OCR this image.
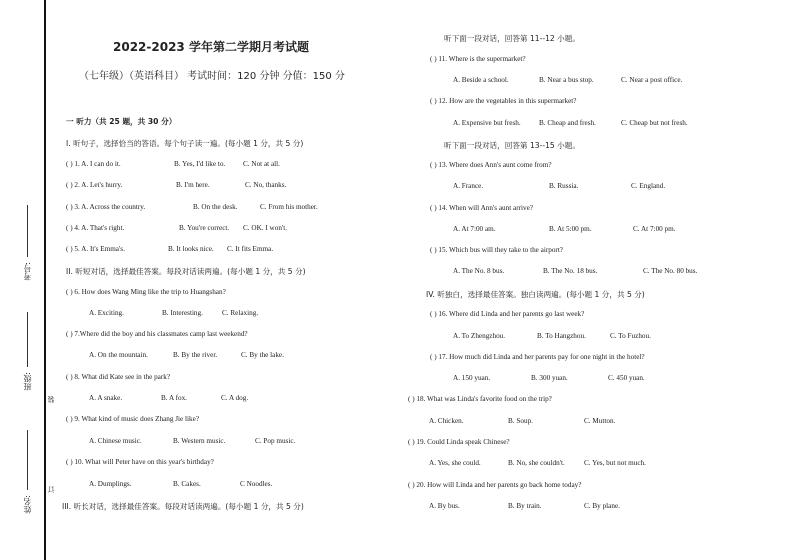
考号:
班级:
姓名:
装
订
2022-2023 学年第二学期月考试题
（七年级）（英语科目） 考试时间：120 分钟 分值：150 分
一 听力（共 25 题，共 30 分）
I. 听句子，选择恰当的答语。每个句子读一遍。(每小题 1 分，共 5 分)
( ) 1. A. I can do it.	B. Yes, I'd like to. C. Not at all.
( ) 2. A. Let's hurry.	B. I'm here.	C. No, thanks.
( ) 3. A. Across the country.	B. On the desk.	C. From his mother.
( ) 4. A. That's right.	B. You're correct. C. OK. I won't.
( ) 5. A. It's Emma's.	B. It looks nice. C. It fits Emma.
II. 听短对话，选择最佳答案。每段对话读两遍。(每小题 1 分，共 5 分)
( ) 6. How does Wang Ming like the trip to Huangshan?
A. Exciting.	B. Interesting.	C. Relaxing.
( ) 7.Where did the boy and his classmates camp last weekend?
A. On the mountain.	B. By the river.	C. By the lake.
( ) 8. What did Kate see in the park?
A. A snake.	B. A fox.	C. A dog.
( ) 9. What kind of music does Zhang Jie like?
A. Chinese music.	B. Western music.	C. Pop music.
( ) 10. What will Peter have on this year's birthday?
A. Dumplings.	B. Cakes.	C Noodles.
III. 听长对话，选择最佳答案。每段对话读两遍。(每小题 1 分，共 5 分)
听下面一段对话，回答第 11--12 小题。
( ) 11. Where is the supermarket?
A. Beside a school.	B. Near a bus stop.	C. Near a post office.
( ) 12. How are the vegetables in this supermarket?
A. Expensive but fresh.	B. Cheap and fresh.	C. Cheap but not fresh.
听下面一段对话，回答第 13--15 小题。
( ) 13. Where does Ann's aunt come from?
A. France.	B. Russia.	C. England.
( ) 14. When will Ann's aunt arrive?
A. At 7:00 am.	B. At 5:00 pm.	C. At 7:00 pm.
( ) 15. Which bus will they take to the airport?
A. The No. 8 bus.	B. The No. 18 bus.	C. The No. 80 bus.
IV. 听独白，选择最佳答案。独白读两遍。(每小题 1 分，共 5 分)
( ) 16. Where did Linda and her parents go last week?
A. To Zhengzhou.	B. To Hangzhou.	C. To Fuzhou.
( ) 17. How much did Linda and her parents pay for one night in the hotel?
A. 150 yuan.	B. 300 yuan.	C. 450 yuan.
( ) 18. What was Linda's favorite food on the trip?
A. Chicken.	B. Soup.	C. Mutton.
( ) 19. Could Linda speak Chinese?
A. Yes, she could.	B. No, she couldn't.	C. Yes, but not much.
( ) 20. How will Linda and her parents go back home today?
A. By bus.	B. By train.	C. By plane.
